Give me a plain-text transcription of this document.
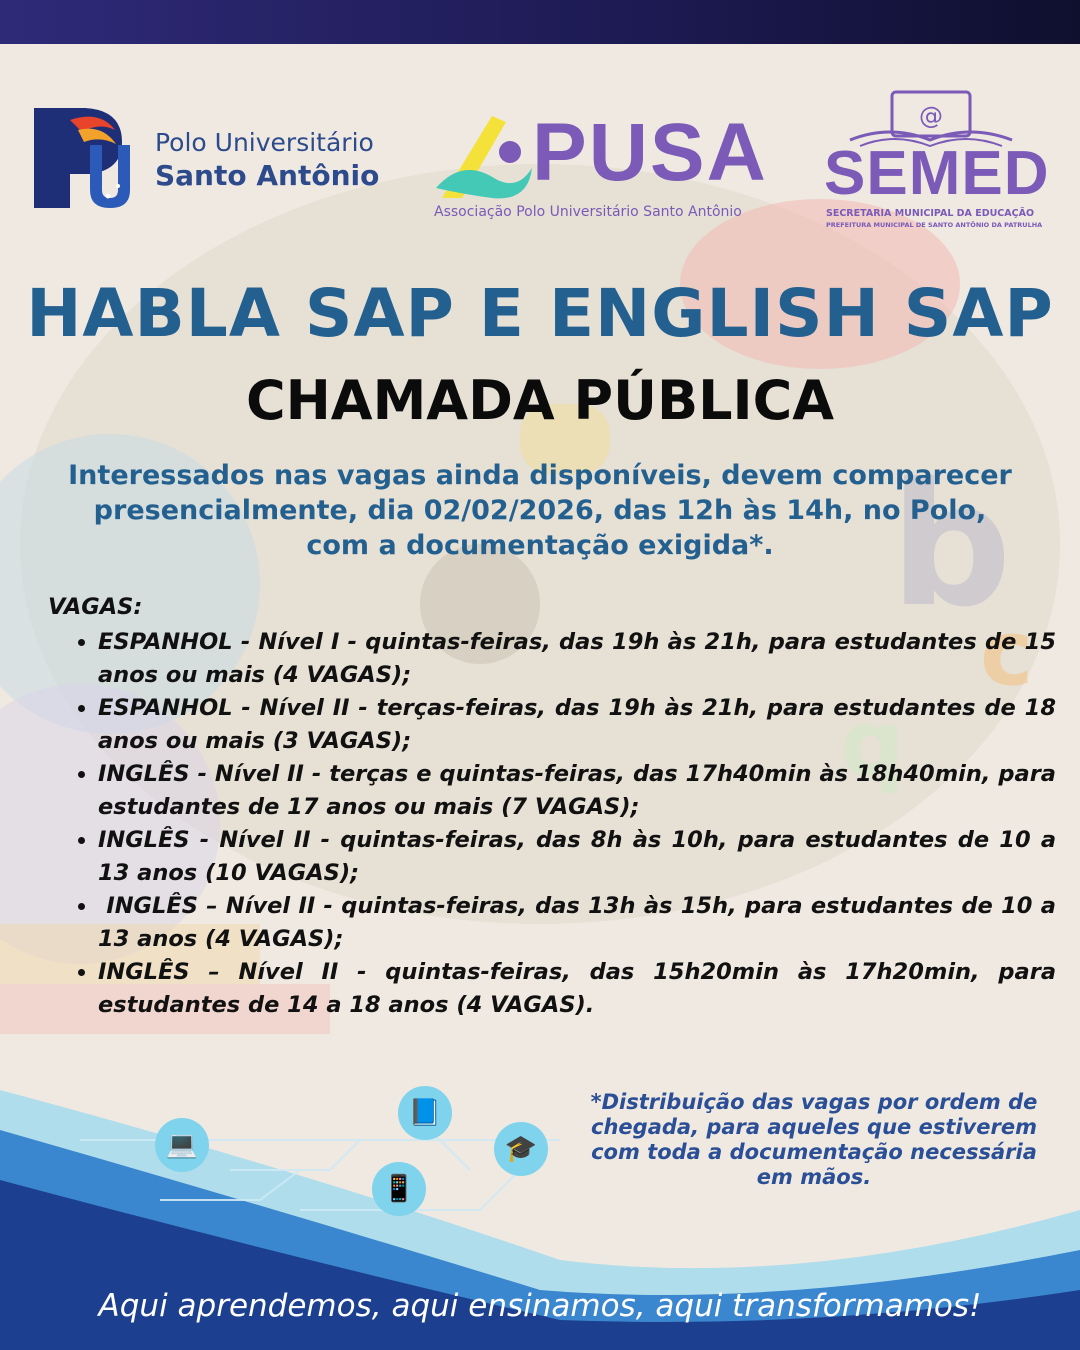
b
q
c
Polo Universitário
Santo Antônio PUSA
Associação Polo Universitário Santo Antônio
@
SEMED
SECRETARIA MUNICIPAL DA EDUCAÇÃO
PREFEITURA MUNICIPAL DE SANTO ANTÔNIO DA PATRULHA
HABLA SAP E ENGLISH SAP
CHAMADA PÚBLICA
Interessados nas vagas ainda disponíveis, devem comparecer presencialmente, dia 02/02/2026, das 12h às 14h, no Polo, com a documentação exigida*.
VAGAS:
• ESPANHOL - Nível I - quintas-feiras, das 19h às 21h, para estudantes de 15 anos ou mais (4 VAGAS);
• ESPANHOL - Nível II - terças-feiras, das 19h às 21h, para estudantes de 18 anos ou mais (3 VAGAS);
• INGLÊS - Nível II - terças e quintas-feiras, das 17h40min às 18h40min, para estudantes de 17 anos ou mais (7 VAGAS);
• INGLÊS - Nível II - quintas-feiras, das 8h às 10h, para estudantes de 10 a 13 anos (10 VAGAS);
•  INGLÊS – Nível II - quintas-feiras, das 13h às 15h, para estudantes de 10 a 13 anos (4 VAGAS);
• INGLÊS – Nível II - quintas-feiras, das 15h20min às 17h20min, para estudantes de 14 a 18 anos (4 VAGAS).
💻
📘
📱
🎓
*Distribuição das vagas por ordem de chegada, para aqueles que estiverem com toda a documentação necessária em mãos.
Aqui aprendemos, aqui ensinamos, aqui transformamos!
